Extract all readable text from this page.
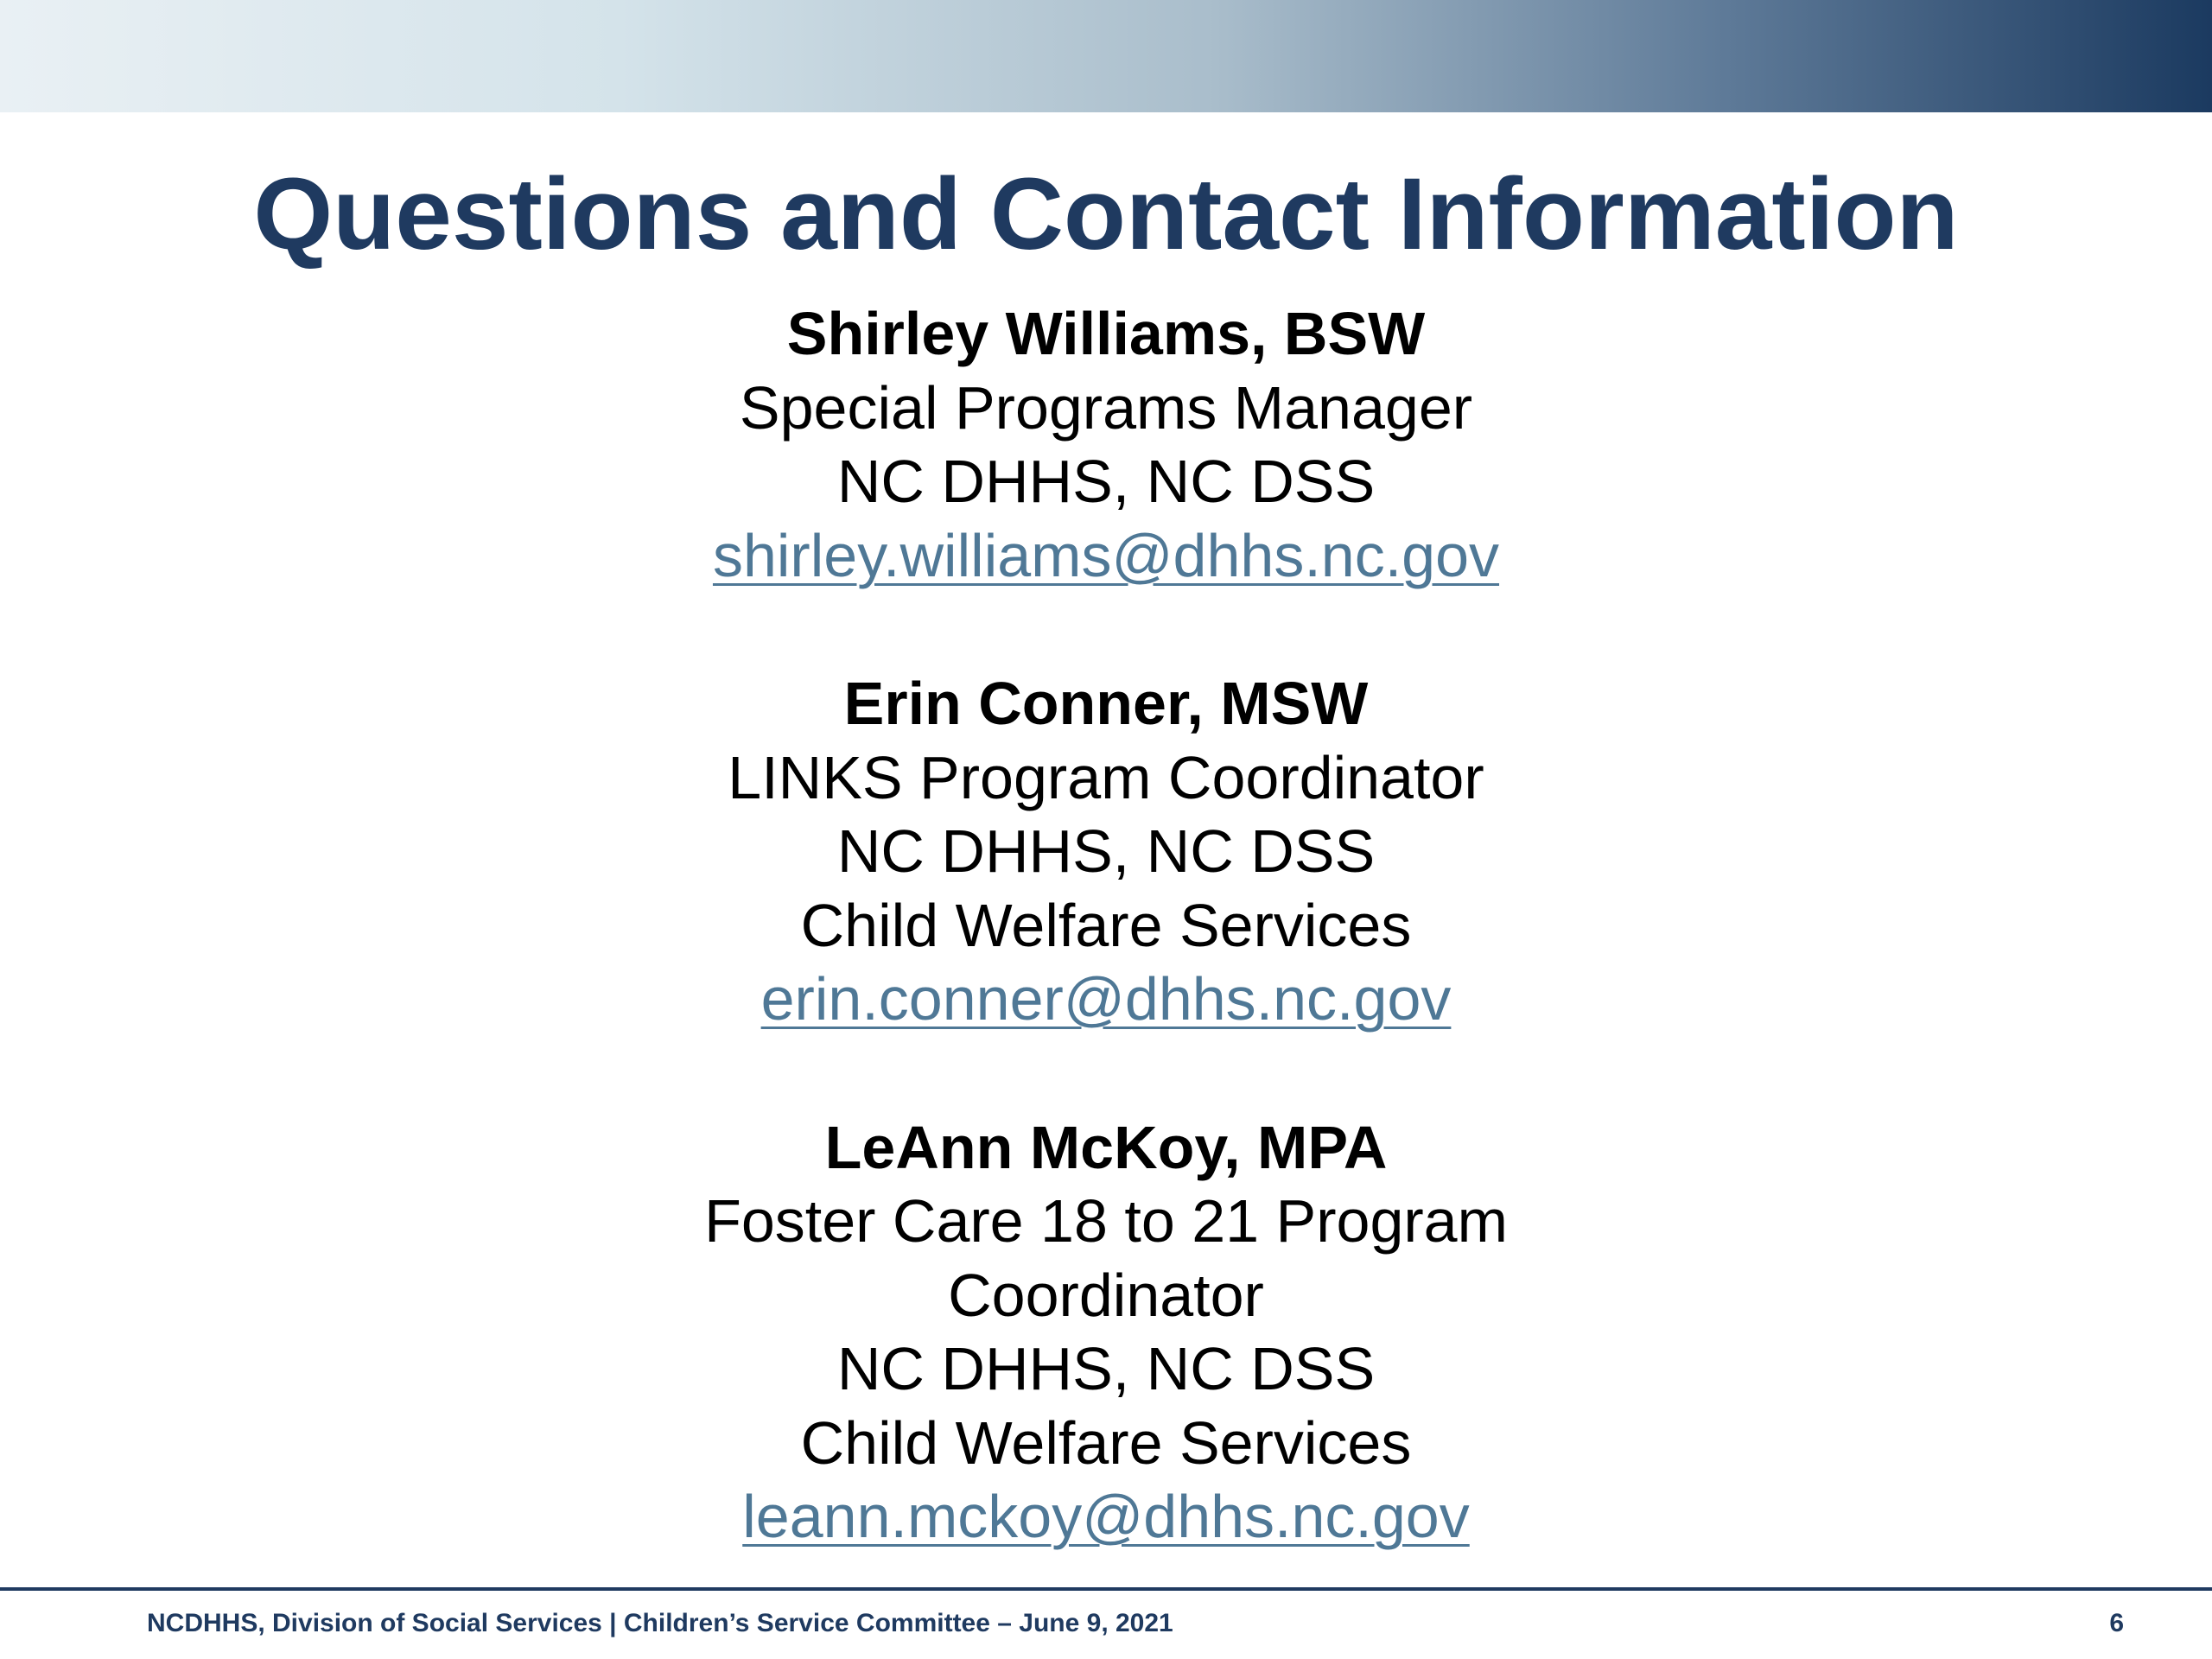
Questions and Contact Information
Shirley Williams, BSW
Special Programs Manager
NC DHHS, NC DSS
shirley.williams@dhhs.nc.gov
Erin Conner, MSW
LINKS Program Coordinator
NC DHHS, NC DSS
Child Welfare Services
erin.conner@dhhs.nc.gov
LeAnn McKoy, MPA
Foster Care 18 to 21 Program
Coordinator
NC DHHS, NC DSS
Child Welfare Services
leann.mckoy@dhhs.nc.gov
NCDHHS, Division of Social Services | Children’s Service Committee – June 9, 2021	6
